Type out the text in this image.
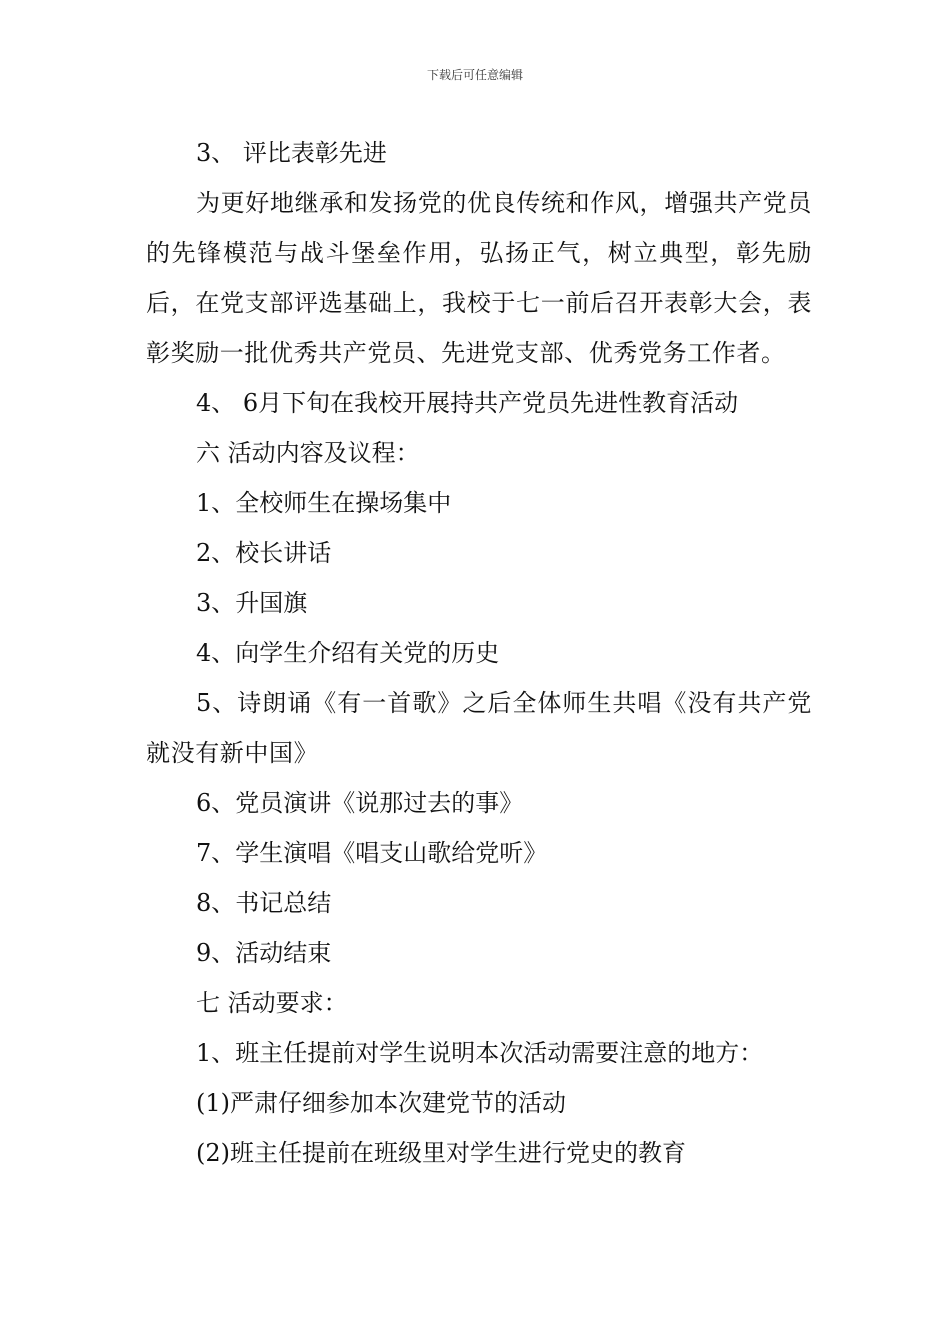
下载后可任意编辑
3、 评比表彰先进
为更好地继承和发扬党的优良传统和作风，增强共产党员的先锋模范与战斗堡垒作用，弘扬正气，树立典型，彰先励后，在党支部评选基础上，我校于七一前后召开表彰大会，表彰奖励一批优秀共产党员、先进党支部、优秀党务工作者。
4、 6月下旬在我校开展持共产党员先进性教育活动
六 活动内容及议程：
1、全校师生在操场集中
2、校长讲话
3、升国旗
4、向学生介绍有关党的历史
5、诗朗诵《有一首歌》之后全体师生共唱《没有共产党就没有新中国》
6、党员演讲《说那过去的事》
7、学生演唱《唱支山歌给党听》
8、书记总结
9、活动结束
七 活动要求：
1、班主任提前对学生说明本次活动需要注意的地方：
(1)严肃仔细参加本次建党节的活动
(2)班主任提前在班级里对学生进行党史的教育
